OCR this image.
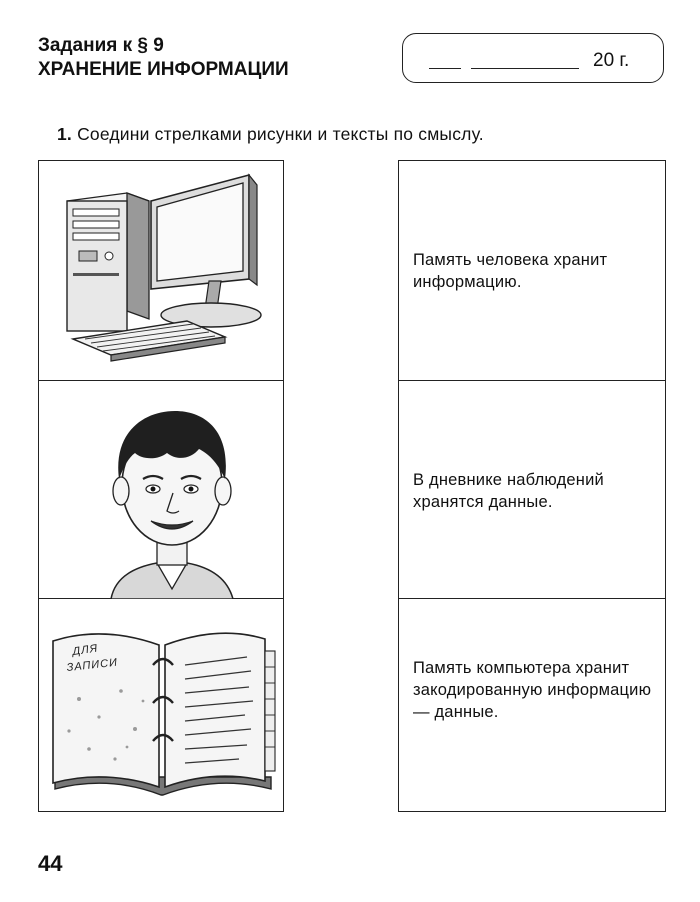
Задания к § 9
ХРАНЕНИЕ ИНФОРМАЦИИ	20 г.
1. Соедини стрелками рисунки и тексты по смыслу.
ДЛЯ
ЗАПИСИ
Память человека хранит информацию.
В дневнике наблюдений хранятся данные.
Память компьютера хранит закодированную информацию — данные.
44
